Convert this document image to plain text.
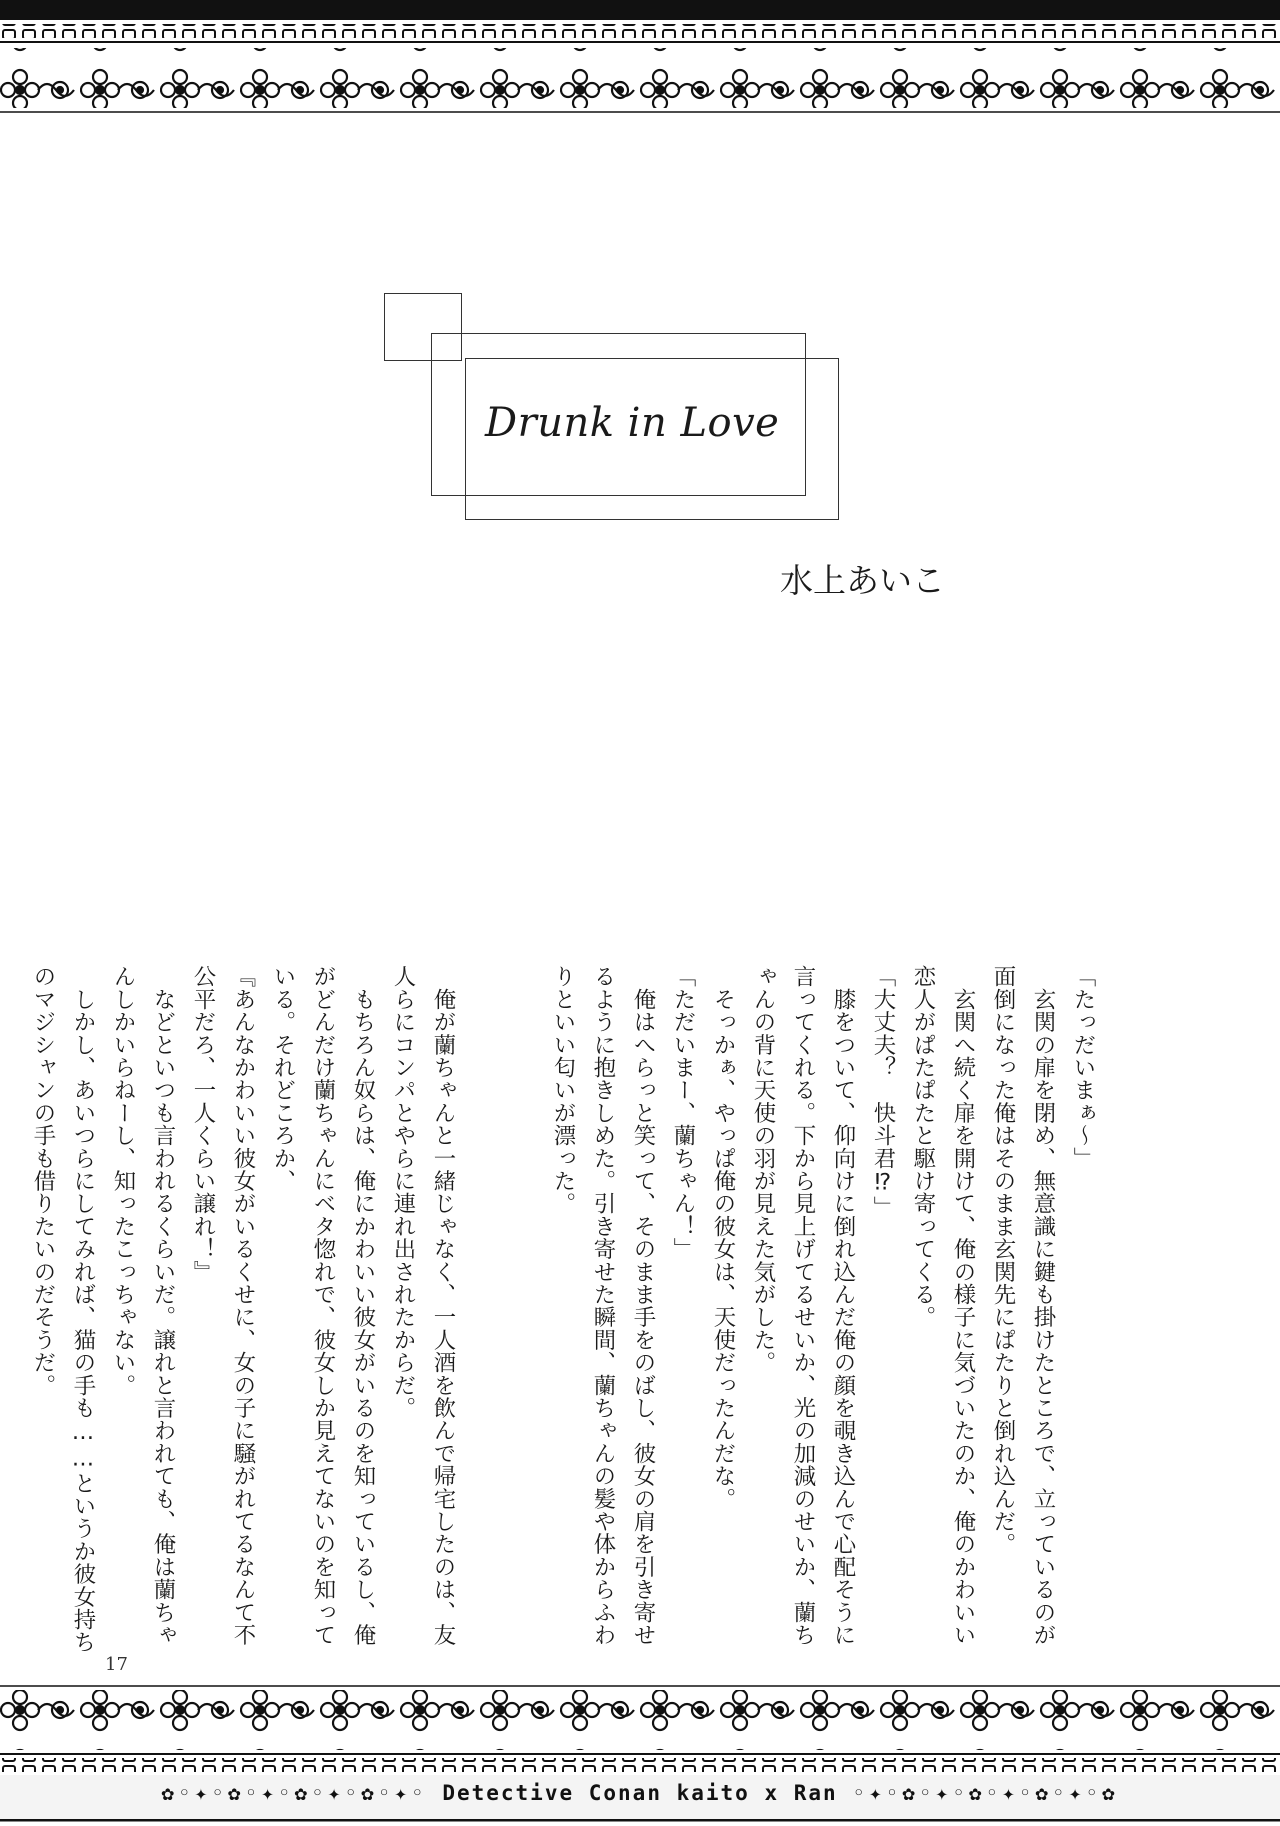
Drunk in Love
水上あいこ
「たっだいまぁ～」
　玄関の扉を閉め、無意識に鍵も掛けたところで、立っているのが
面倒になった俺はそのまま玄関先にぱたりと倒れ込んだ。
　玄関へ続く扉を開けて、俺の様子に気づいたのか、俺のかわいい
恋人がぱたぱたと駆け寄ってくる。
「大丈夫？　快斗君⁉」
　膝をついて、仰向けに倒れ込んだ俺の顔を覗き込んで心配そうに
言ってくれる。下から見上げてるせいか、光の加減のせいか、蘭ち
ゃんの背に天使の羽が見えた気がした。
　そっかぁ、やっぱ俺の彼女は、天使だったんだな。
「ただいまー、蘭ちゃん！」
　俺はへらっと笑って、そのまま手をのばし、彼女の肩を引き寄せ
るように抱きしめた。引き寄せた瞬間、蘭ちゃんの髪や体からふわ
りといい匂いが漂った。
　俺が蘭ちゃんと一緒じゃなく、一人酒を飲んで帰宅したのは、友
人らにコンパとやらに連れ出されたからだ。
　もちろん奴らは、俺にかわいい彼女がいるのを知っているし、俺
がどんだけ蘭ちゃんにベタ惚れで、彼女しか見えてないのを知って
いる。それどころか、
『あんなかわいい彼女がいるくせに、女の子に騒がれてるなんて不
公平だろ、一人くらい譲れ！』
　などといつも言われるくらいだ。譲れと言われても、俺は蘭ちゃ
んしかいらねーし、知ったこっちゃない。
　しかし、あいつらにしてみれば、猫の手も……というか彼女持ち
のマジシャンの手も借りたいのだそうだ。
17
✿◦✦◦✿◦✦◦✿◦✦◦✿◦✦◦ Detective Conan kaito x Ran ◦✦◦✿◦✦◦✿◦✦◦✿◦✦◦✿
